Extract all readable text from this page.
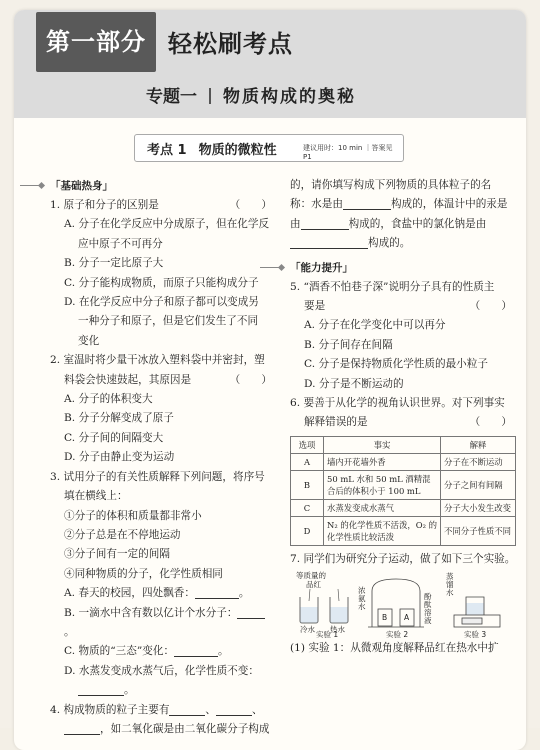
第一部分 轻松刷考点
专题一 物质构成的奥秘
考点 1 物质的微粒性	建议用时：10 min ｜答案见 P1
「基础热身」
1. 原子和分子的区别是	（　　）
A. 分子在化学反应中分成原子，但在化学反
应中原子不可再分
B. 分子一定比原子大
C. 分子能构成物质，而原子只能构成分子
D. 在化学反应中分子和原子都可以变成另
一种分子和原子，但是它们发生了不同
变化
2. 室温时将少量干冰放入塑料袋中并密封，塑
料袋会快速鼓起，其原因是	（　　）
A. 分子的体积变大
B. 分子分解变成了原子
C. 分子间的间隔变大
D. 分子由静止变为运动
3. 试用分子的有关性质解释下列问题，将序号
填在横线上：
①分子的体积和质量都非常小
②分子总是在不停地运动
③分子间有一定的间隔
④同种物质的分子，化学性质相同
A. 春天的校园，四处飘香：	。
B. 一滴水中含有数以亿计个水分子：。
C. 物质的“三态”变化：	。
D. 水蒸发变成水蒸气后，化学性质不变：
。
4. 构成物质的粒子主要有	、	、
，如二氧化碳是由二氧化碳分子构成
的，请你填写构成下列物质的具体粒子的名
称：水是由	构成的，体温计中的汞是
由	构成的，食盐中的氯化钠是由
构成的。
「能力提升」
5. “酒香不怕巷子深”说明分子具有的性质主
要是	（　　）
A. 分子在化学变化中可以再分
B. 分子间存在间隔
C. 分子是保持物质化学性质的最小粒子
D. 分子是不断运动的
6. 要善于从化学的视角认识世界。对下列事实
解释错误的是	（　　）
选项	事实	解释
A	墙内开花墙外香	分子在不断运动
B	50 mL 水和 50 mL 酒精混合后的体积小于 100 mL	分子之间有间隔
C	水蒸发变成水蒸气	分子大小发生改变
D	N₂ 的化学性质不活泼，O₂ 的化学性质比较活泼	不同分子性质不同
7. 同学们为研究分子运动，做了如下三个实验。
等质量的
品红
冷水 热水
实验 1
浓氨水
酚酞溶液
B A
实验 2
蒸馏水
实验 3
(1) 实验 1：从微观角度解释品红在热水中扩
